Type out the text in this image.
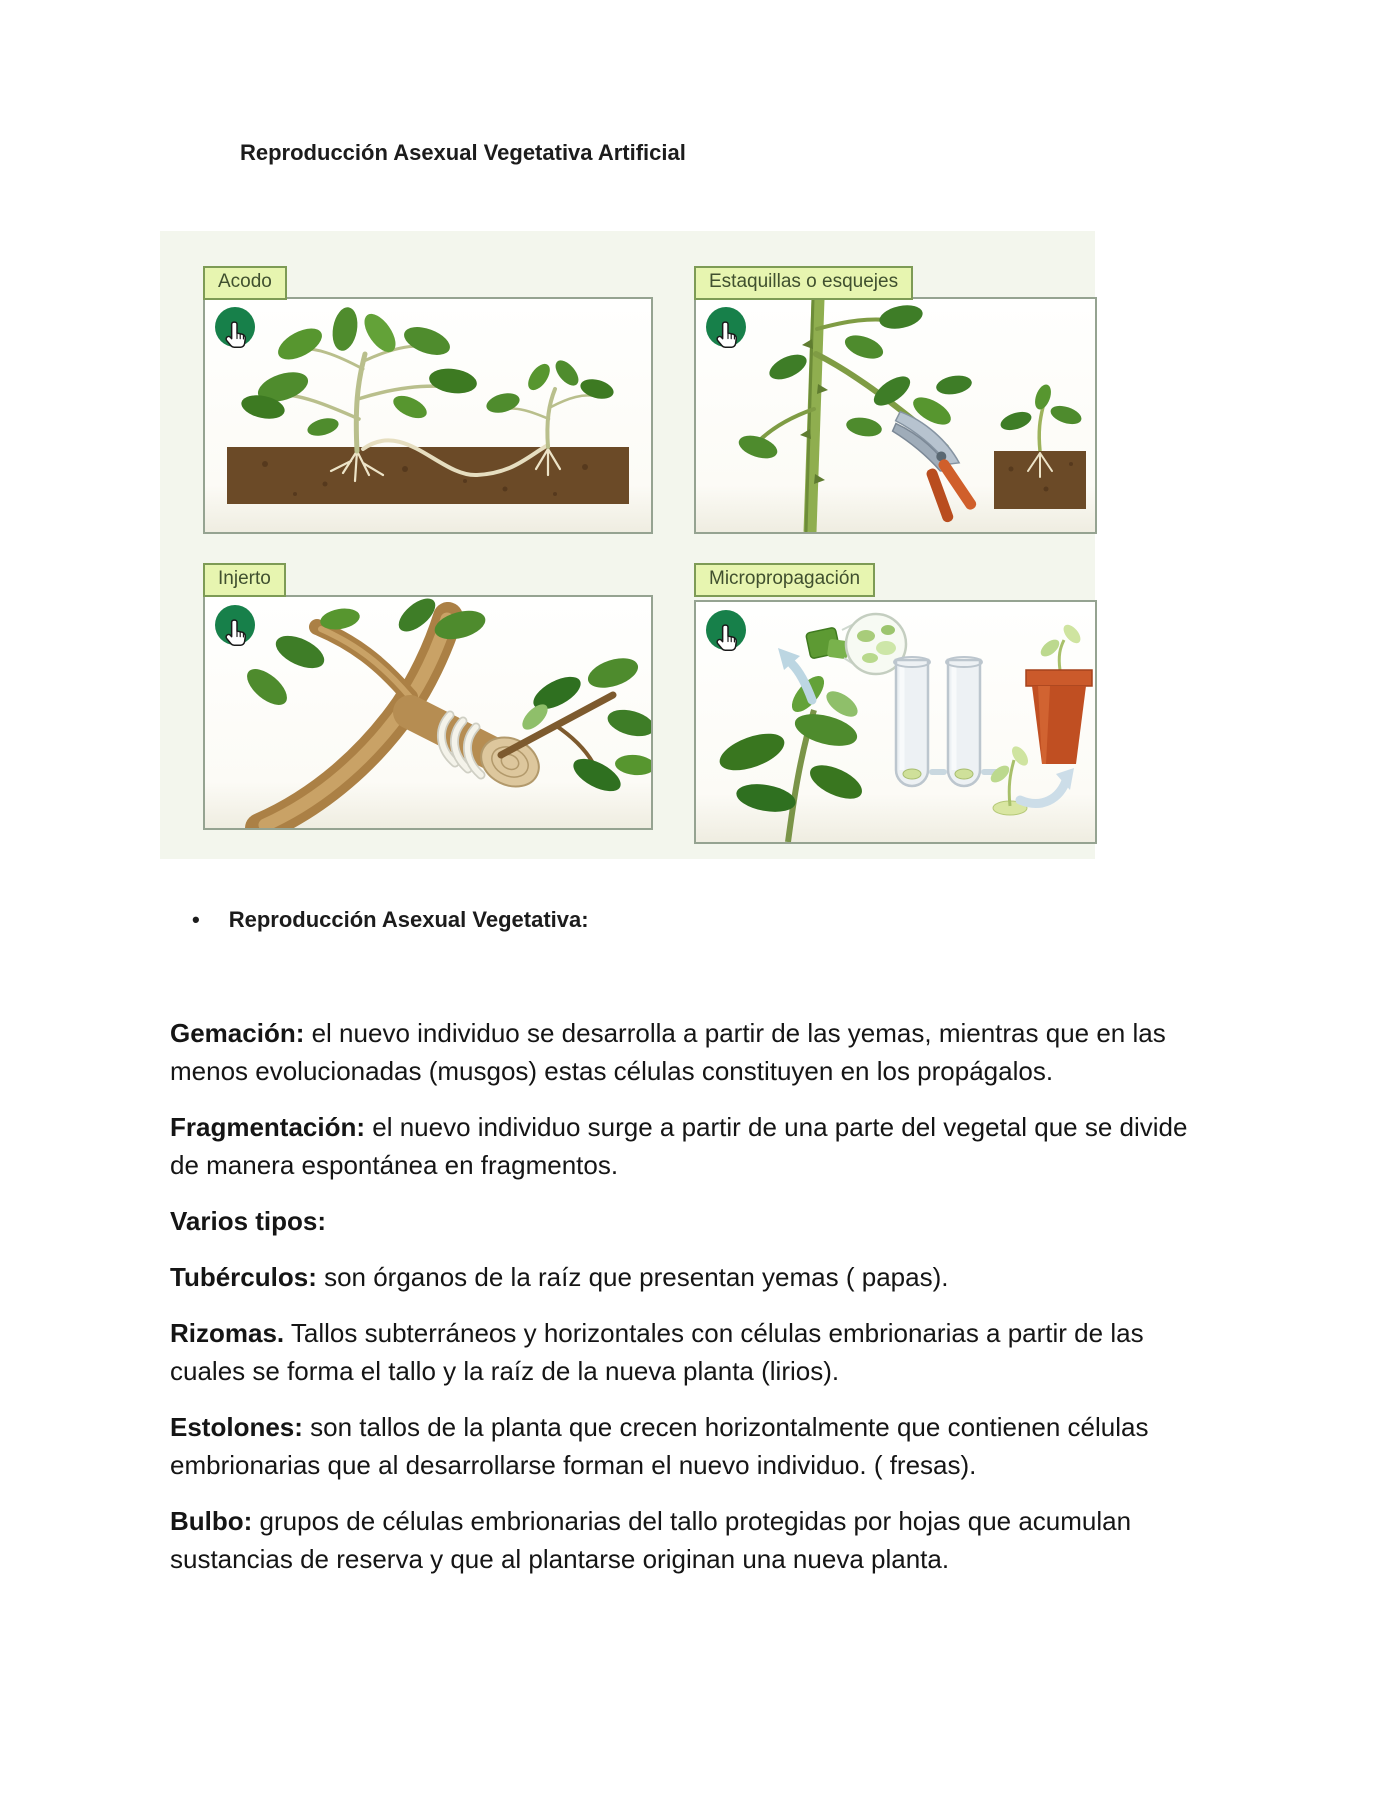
Reproducción Asexual Vegetativa Artificial
Acodo	Estaquillas o esquejes
Injerto	Micropropagación
• Reproducción Asexual Vegetativa:

Gemación: el nuevo individuo se desarrolla a partir de las yemas, mientras que en las menos evolucionadas (musgos) estas células constituyen en los propágalos.

Fragmentación: el nuevo individuo surge a partir de una parte del vegetal que se divide de manera espontánea en fragmentos.

Varios tipos:

Tubérculos: son órganos de la raíz que presentan yemas ( papas).

Rizomas. Tallos subterráneos y horizontales con células embrionarias a partir de las cuales se forma el tallo y la raíz de la nueva planta (lirios).

Estolones: son tallos de la planta que crecen horizontalmente que contienen células embrionarias que al desarrollarse forman el nuevo individuo. ( fresas).

Bulbo: grupos de células embrionarias del tallo protegidas por hojas que acumulan sustancias de reserva y que al plantarse originan una nueva planta.
